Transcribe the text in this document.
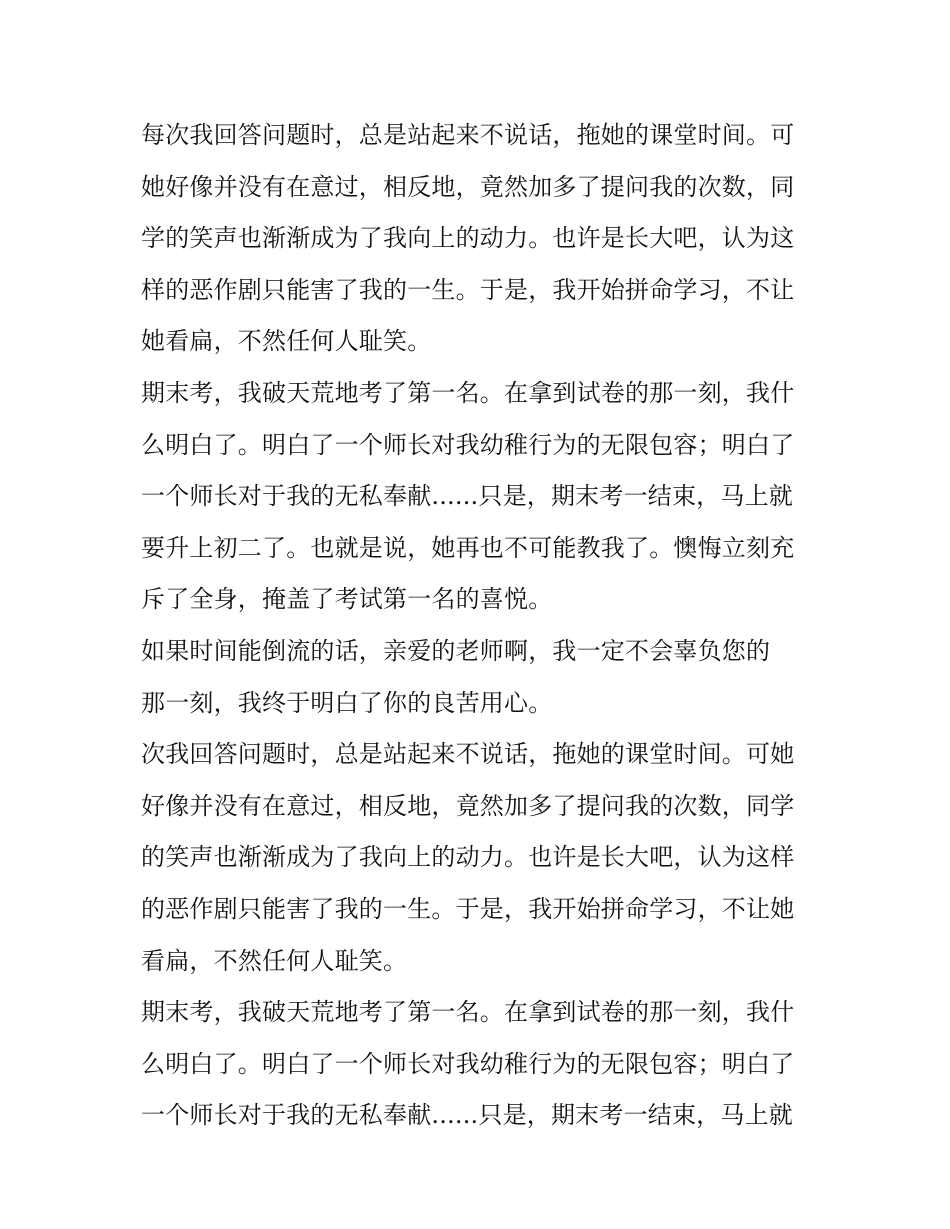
每次我回答问题时，总是站起来不说话，拖她的课堂时间。可
她好像并没有在意过，相反地，竟然加多了提问我的次数，同
学的笑声也渐渐成为了我向上的动力。也许是长大吧，认为这
样的恶作剧只能害了我的一生。于是，我开始拼命学习，不让
她看扁，不然任何人耻笑。
期末考，我破天荒地考了第一名。在拿到试卷的那一刻，我什
么明白了。明白了一个师长对我幼稚行为的无限包容；明白了
一个师长对于我的无私奉献......只是，期末考一结束，马上就
要升上初二了。也就是说，她再也不可能教我了。懊悔立刻充
斥了全身，掩盖了考试第一名的喜悦。
如果时间能倒流的话，亲爱的老师啊，我一定不会辜负您的
那一刻，我终于明白了你的良苦用心。
次我回答问题时，总是站起来不说话，拖她的课堂时间。可她
好像并没有在意过，相反地，竟然加多了提问我的次数，同学
的笑声也渐渐成为了我向上的动力。也许是长大吧，认为这样
的恶作剧只能害了我的一生。于是，我开始拼命学习，不让她
看扁，不然任何人耻笑。
期末考，我破天荒地考了第一名。在拿到试卷的那一刻，我什
么明白了。明白了一个师长对我幼稚行为的无限包容；明白了
一个师长对于我的无私奉献......只是，期末考一结束，马上就
